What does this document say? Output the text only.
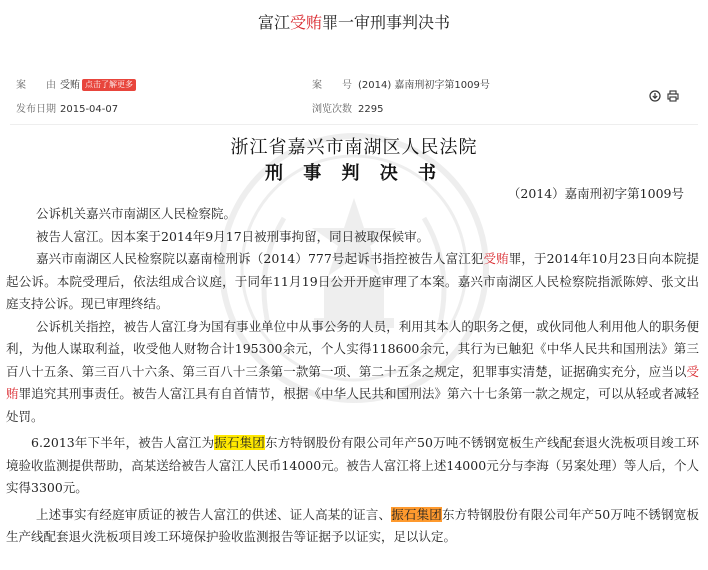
富江受贿罪一审刑事判决书
案　　由 受贿 点击了解更多	案　　号 (2014) 嘉南刑初字第1009号
发布日期 2015-04-07	浏览次数 2295

浙江省嘉兴市南湖区人民法院
刑 事 判 决 书
（2014）嘉南刑初字第1009号

公诉机关嘉兴市南湖区人民检察院。

被告人富江。因本案于2014年9月17日被刑事拘留，同日被取保候审。

嘉兴市南湖区人民检察院以嘉南检刑诉（2014）777号起诉书指控被告人富江犯受贿罪，于2014年10月23日向本院提起公诉。本院受理后，依法组成合议庭，于同年11月19日公开开庭审理了本案。嘉兴市南湖区人民检察院指派陈婷、张文出庭支持公诉。现已审理终结。

公诉机关指控，被告人富江身为国有事业单位中从事公务的人员，利用其本人的职务之便，或伙同他人利用他人的职务便利，为他人谋取利益，收受他人财物合计195300余元，个人实得118600余元，其行为已触犯《中华人民共和国刑法》第三百八十五条、第三百八十六条、第三百八十三条第一款第一项、第二十五条之规定，犯罪事实清楚，证据确实充分，应当以受贿罪追究其刑事责任。被告人富江具有自首情节，根据《中华人民共和国刑法》第六十七条第一款之规定，可以从轻或者减轻处罚。

6.2013年下半年，被告人富江为振石集团东方特钢股份有限公司年产50万吨不锈钢宽板生产线配套退火洗板项目竣工环境验收监测提供帮助，高某送给被告人富江人民币14000元。被告人富江将上述14000元分与李海（另案处理）等人后，个人实得3300元。

上述事实有经庭审质证的被告人富江的供述、证人高某的证言、振石集团东方特钢股份有限公司年产50万吨不锈钢宽板生产线配套退火洗板项目竣工环境保护验收监测报告等证据予以证实，足以认定。
